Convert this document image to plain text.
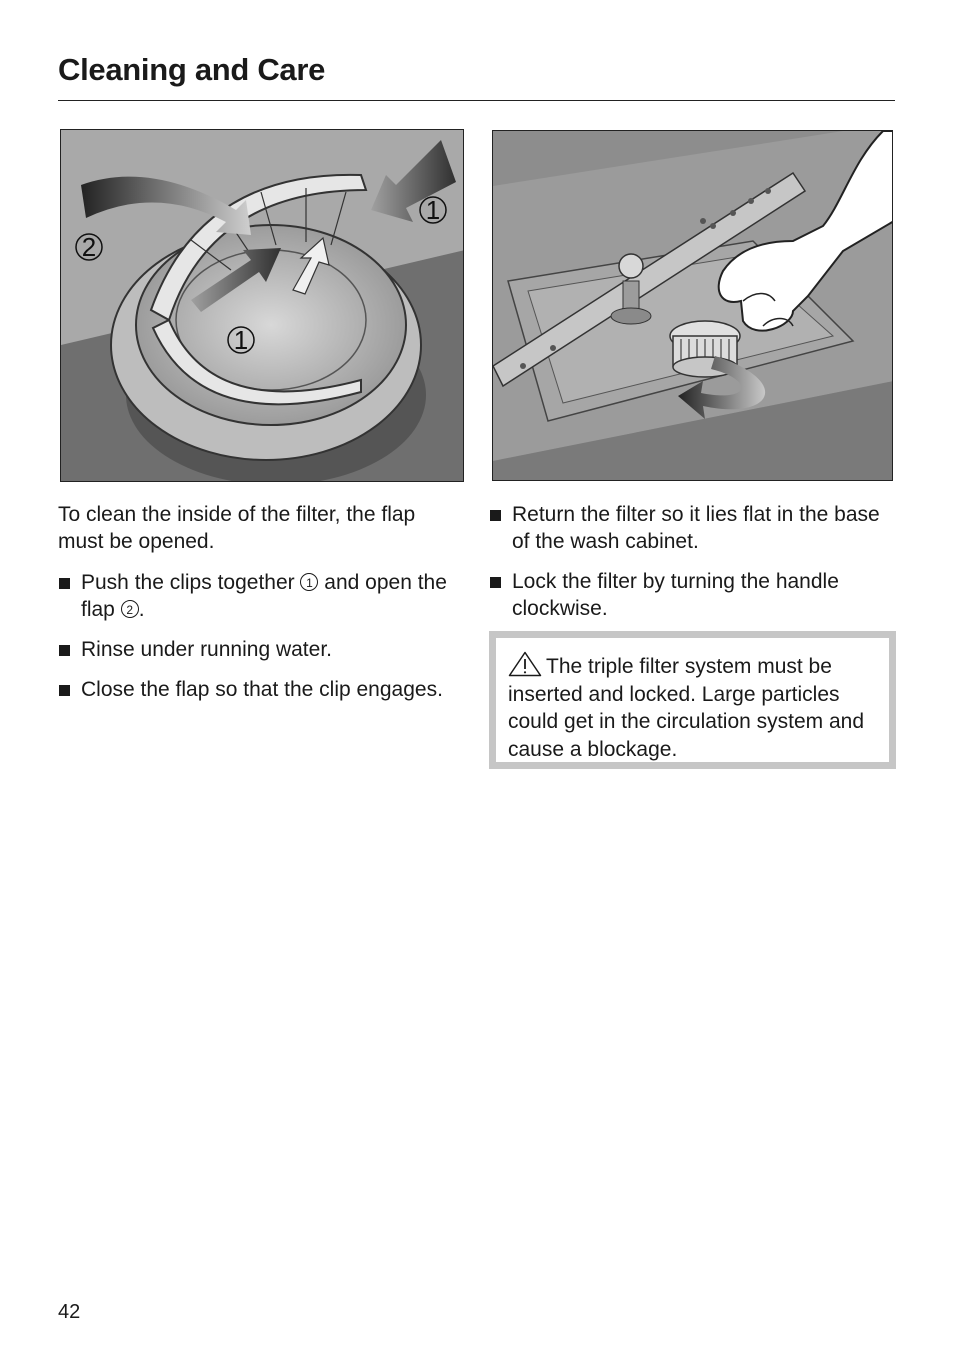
Cleaning and Care
1
2
1

To clean the inside of the filter, the flap must be opened.

Push the clips together 1 and open the flap 2 .
Rinse under running water.
Close the flap so that the clip engages.
Return the filter so it lies flat in the base of the wash cabinet.
Lock the filter by turning the handle clockwise.
The triple filter system must be inserted and locked. Large particles could get in the circulation system and cause a blockage.
42
